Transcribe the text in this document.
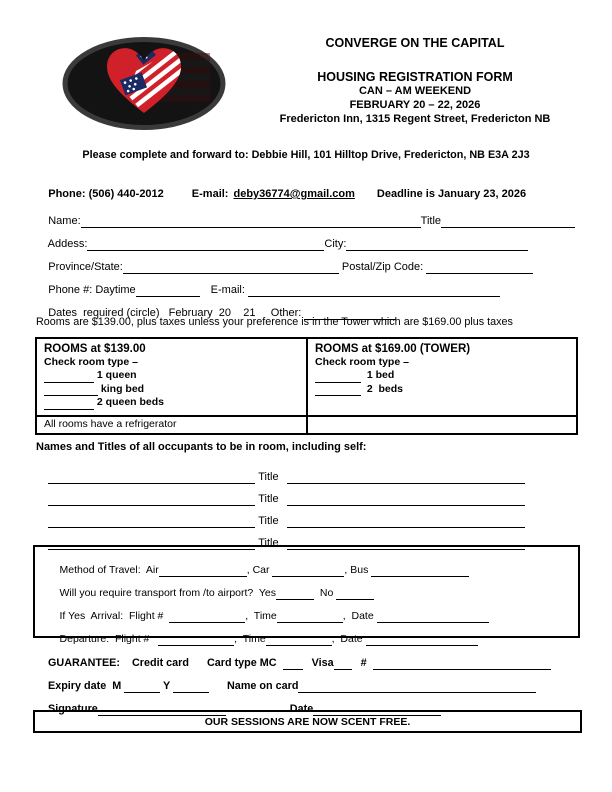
CONVERGE ON THE CAPITAL
HOUSING REGISTRATION FORM
CAN – AM WEEKEND
FEBRUARY 20 – 22, 2026
Fredericton Inn, 1315 Regent Street, Fredericton NB
Please complete and forward to: Debbie Hill, 101 Hilltop Drive, Fredericton, NB E3A 2J3

Phone: (506) 440-2012	E-mail: deby36774@gmail.com Deadline is January 23, 2026

Name:	Title

Addess:	City:

Province/State:	Postal/Zip Code:

Phone #: Daytime	E-mail:

Dates  required (circle)   February  20    21     Other:

Rooms are $139.00, plus taxes unless your preference is in the Tower which are $169.00 plus taxes
ROOMS at $139.00
Check room type –
1 queen
king bed
2 queen beds
ROOMS at $169.00 (TOWER)
Check room type –
1 bed
2  beds
All rooms have a refrigerator
Names and Titles of all occupants to be in room, including self:

Title

Title

Title

Title

Method of Travel:  Air	, Car	, Bus

Will you require transport from /to airport?  Yes	No

If Yes  Arrival:  Flight #	,  Time	,  Date

Departure:  Flight #	,  Time	,  Date

GUARANTEE:    Credit card      Card type MC     Visa   #

Expiry date  M	Y	Name on card

Signature	Date

OUR SESSIONS ARE NOW SCENT FREE.
